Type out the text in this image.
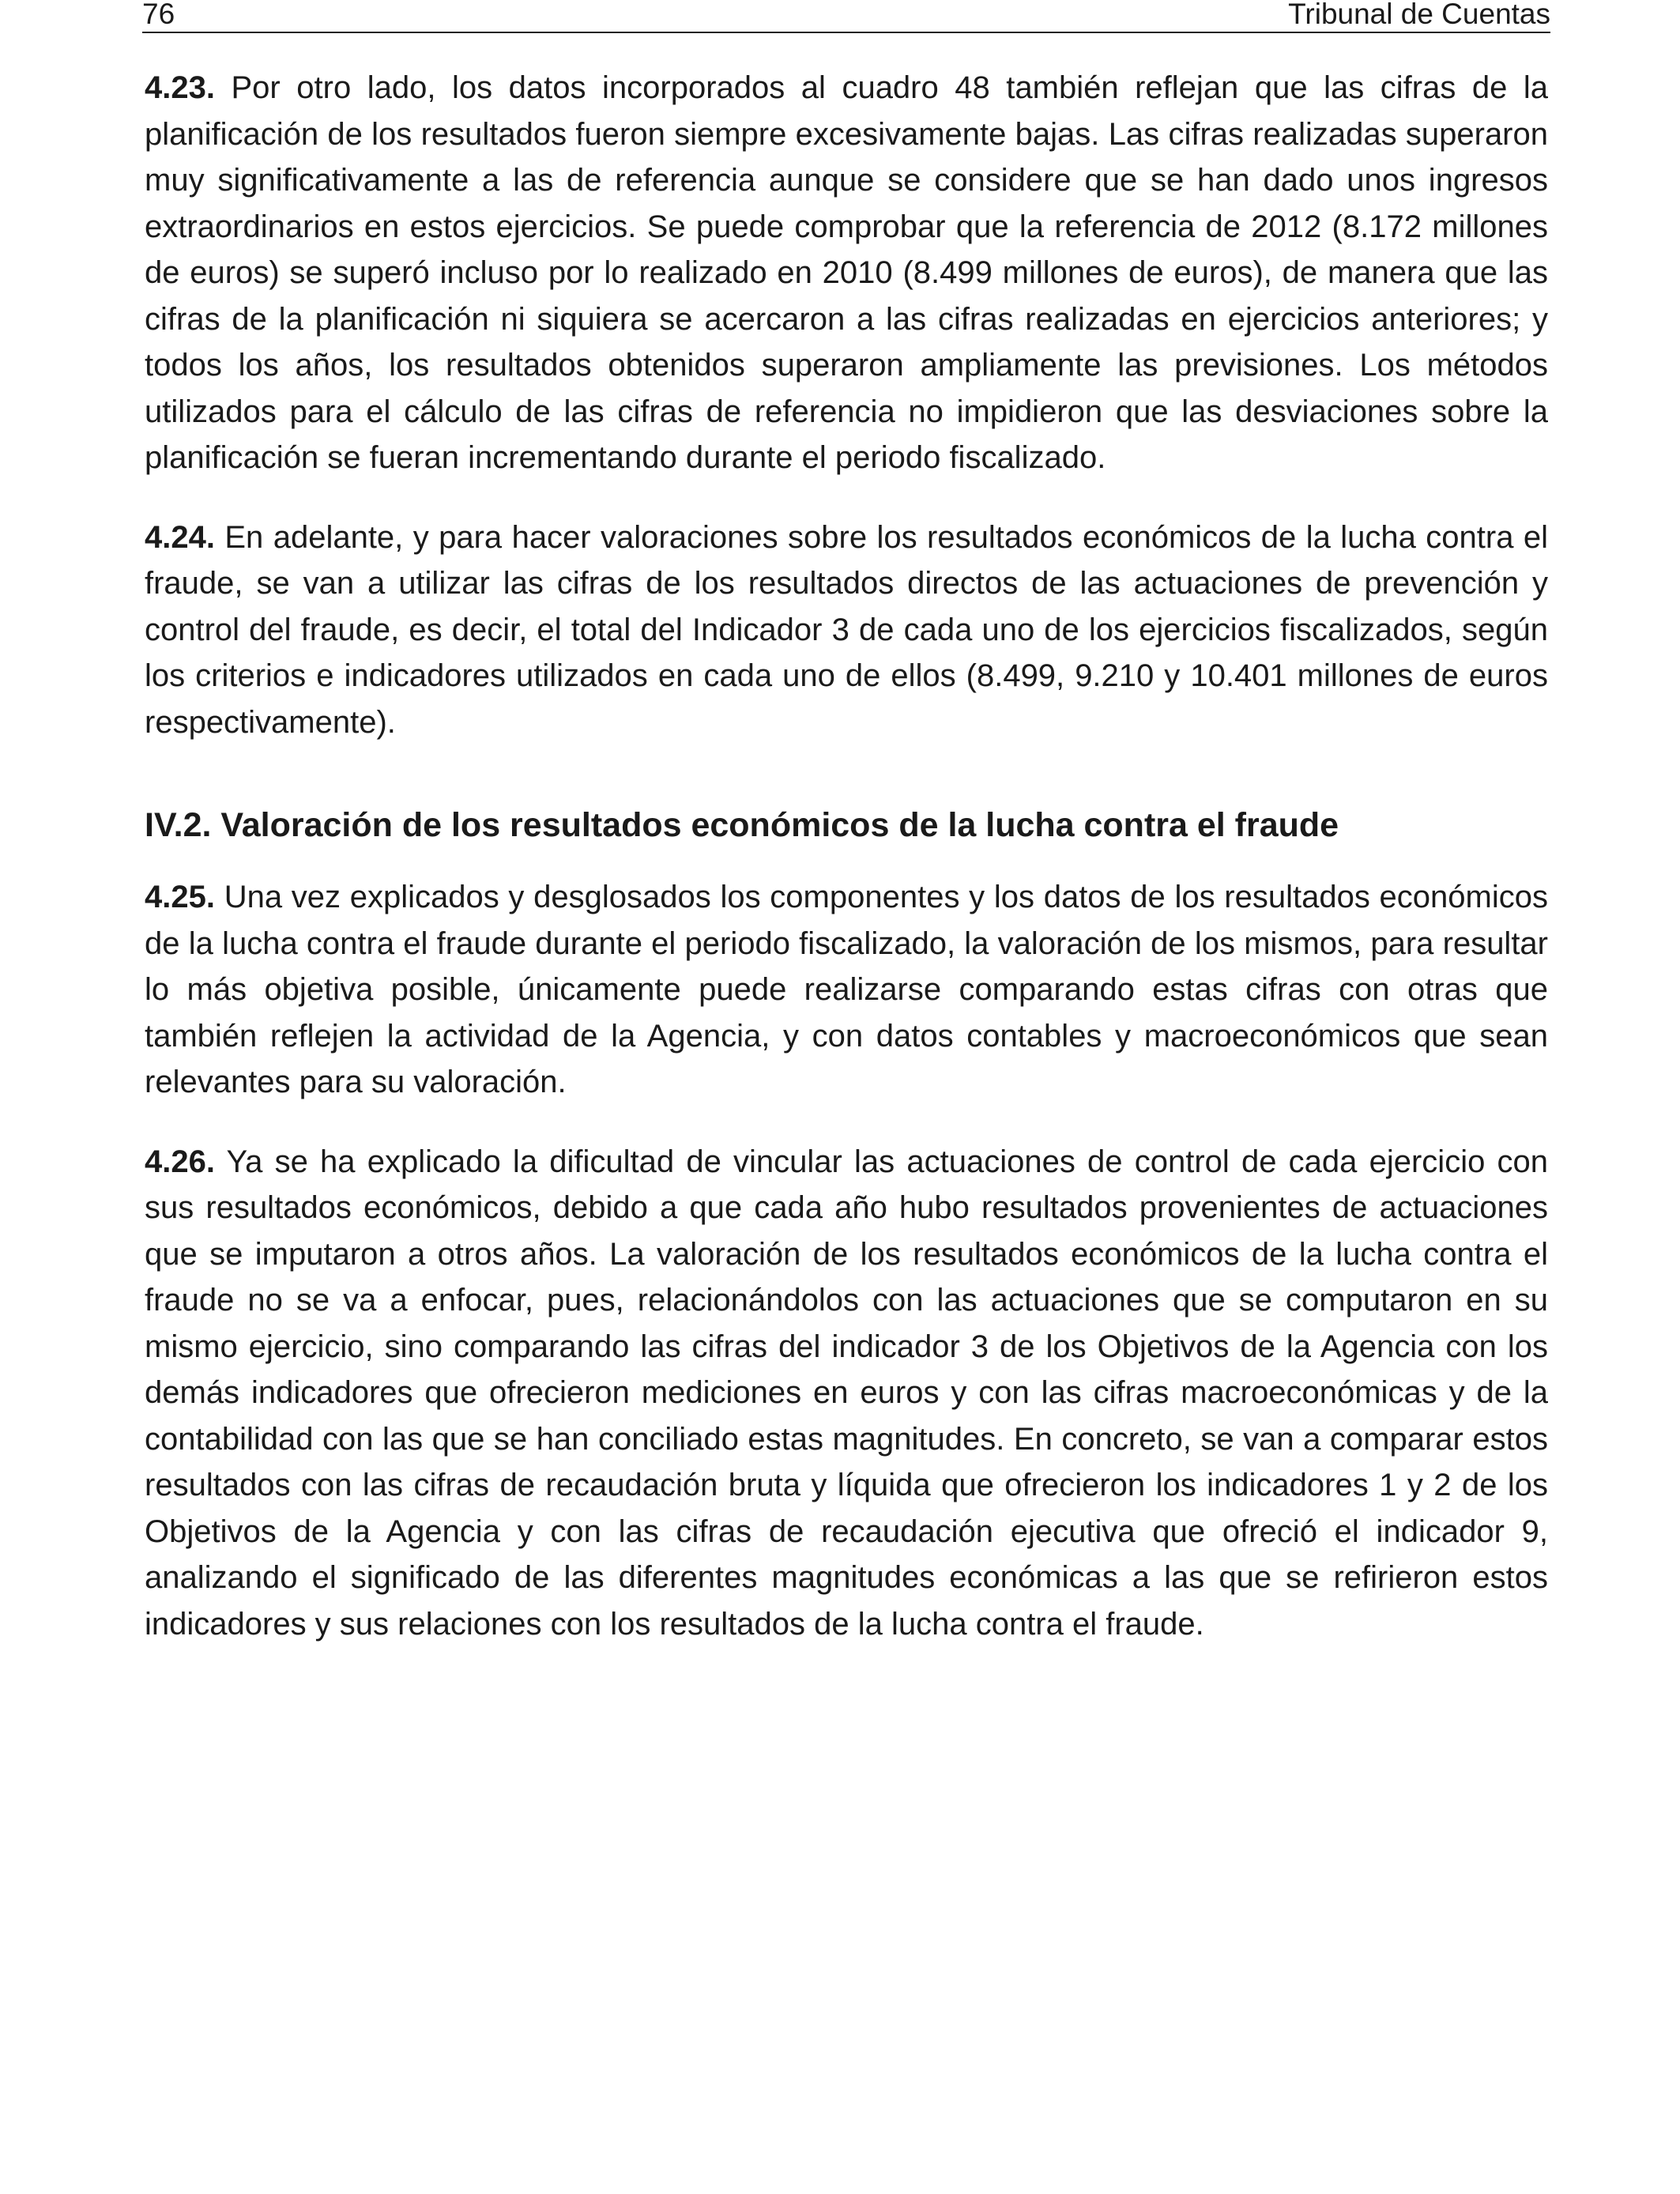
76	Tribunal de Cuentas

4.23. Por otro lado, los datos incorporados al cuadro 48 también reflejan que las cifras de la planificación de los resultados fueron siempre excesivamente bajas. Las cifras realizadas superaron muy significativamente a las de referencia aunque se considere que se han dado unos ingresos extraordinarios en estos ejercicios. Se puede comprobar que la referencia de 2012 (8.172 millones de euros) se superó incluso por lo realizado en 2010 (8.499 millones de euros), de manera que las cifras de la planificación ni siquiera se acercaron a las cifras realizadas en ejercicios anteriores; y todos los años, los resultados obtenidos superaron ampliamente las previsiones. Los métodos utilizados para el cálculo de las cifras de referencia no impidieron que las desviaciones sobre la planificación se fueran incrementando durante el periodo fiscalizado.

4.24. En adelante, y para hacer valoraciones sobre los resultados económicos de la lucha contra el fraude, se van a utilizar las cifras de los resultados directos de las actuaciones de prevención y control del fraude, es decir, el total del Indicador 3 de cada uno de los ejercicios fiscalizados, según los criterios e indicadores utilizados en cada uno de ellos (8.499, 9.210 y 10.401 millones de euros respectivamente).

IV.2. Valoración de los resultados económicos de la lucha contra el fraude

4.25. Una vez explicados y desglosados los componentes y los datos de los resultados económicos de la lucha contra el fraude durante el periodo fiscalizado, la valoración de los mismos, para resultar lo más objetiva posible, únicamente puede realizarse comparando estas cifras con otras que también reflejen la actividad de la Agencia, y con datos contables y macroeconómicos que sean relevantes para su valoración.

4.26. Ya se ha explicado la dificultad de vincular las actuaciones de control de cada ejercicio con sus resultados económicos, debido a que cada año hubo resultados provenientes de actuaciones que se imputaron a otros años. La valoración de los resultados económicos de la lucha contra el fraude no se va a enfocar, pues, relacionándolos con las actuaciones que se computaron en su mismo ejercicio, sino comparando las cifras del indicador 3 de los Objetivos de la Agencia con los demás indicadores que ofrecieron mediciones en euros y con las cifras macroeconómicas y de la contabilidad con las que se han conciliado estas magnitudes. En concreto, se van a comparar estos resultados con las cifras de recaudación bruta y líquida que ofrecieron los indicadores 1 y 2 de los Objetivos de la Agencia y con las cifras de recaudación ejecutiva que ofreció el indicador 9, analizando el significado de las diferentes magnitudes económicas a las que se refirieron estos indicadores y sus relaciones con los resultados de la lucha contra el fraude.
